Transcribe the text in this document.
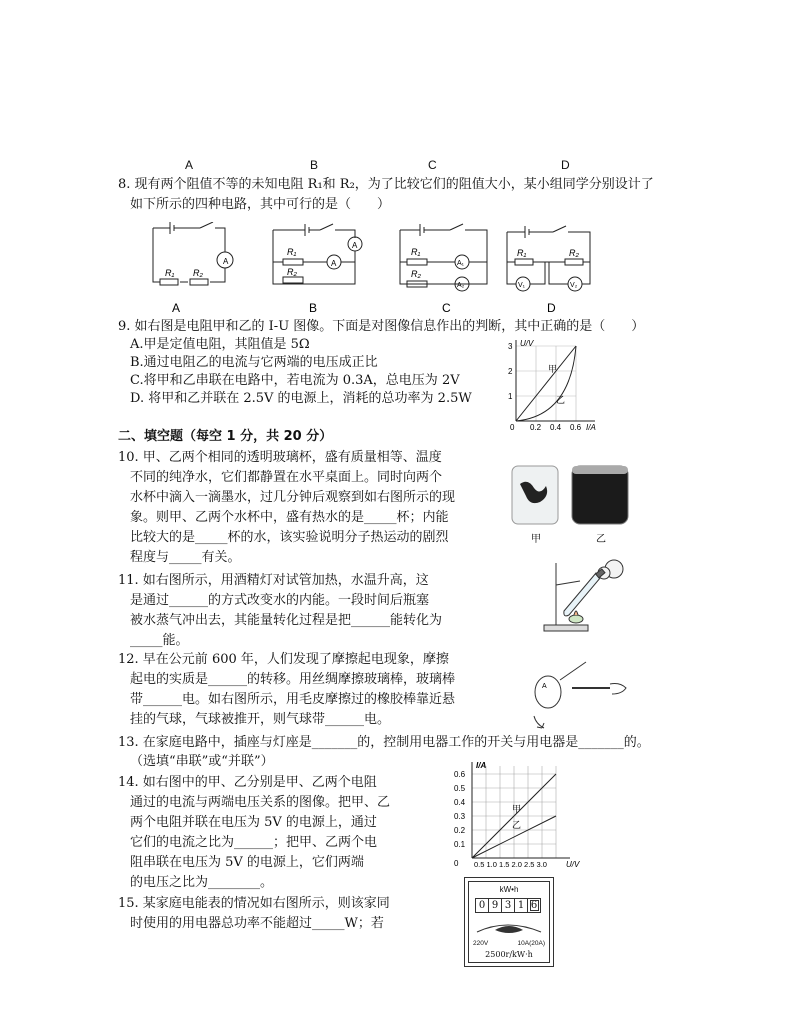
A	B	C	D
8. 现有两个阻值不等的未知电阻 R₁和 R₂，为了比较它们的阻值大小，某小组同学分别设计了
如下所示的四种电路，其中可行的是（　　）
A
R₁ R₂
A
A
R₁
R₂
R₁
R₂
A₁
A₂
R₁	R₂
V₁	V₂
A	B	C	D
9. 如右图是电阻甲和乙的 I-U 图像。下面是对图像信息作出的判断，其中正确的是（　　）
A.甲是定值电阻，其阻值是 5Ω
B.通过电阻乙的电流与它两端的电压成正比
C.将甲和乙串联在电路中，若电流为 0.3A，总电压为 2V
D. 将甲和乙并联在 2.5V 的电源上，消耗的总功率为 2.5W
U/V
3
2
1
0 0.2 0.4 0.6 I/A
甲
乙
二、填空题（每空 1 分，共 20 分）
10. 甲、乙两个相同的透明玻璃杯，盛有质量相等、温度
不同的纯净水，它们都静置在水平桌面上。同时向两个
水杯中滴入一滴墨水，过几分钟后观察到如右图所示的现
象。则甲、乙两个水杯中，盛有热水的是_____杯；内能
比较大的是_____杯的水，该实验说明分子热运动的剧烈
程度与_____有关。
甲	乙
11. 如右图所示，用酒精灯对试管加热，水温升高，这
是通过______的方式改变水的内能。一段时间后瓶塞
被水蒸气冲出去，其能量转化过程是把______能转化为
_____能。
12. 早在公元前 600 年，人们发现了摩擦起电现象，摩擦
起电的实质是______的转移。用丝绸摩擦玻璃棒，玻璃棒
带______电。如右图所示，用毛皮摩擦过的橡胶棒靠近悬
挂的气球，气球被推开，则气球带______电。
A
13. 在家庭电路中，插座与灯座是_______的，控制用电器工作的开关与用电器是_______的。
（选填“串联”或“并联”）
14. 如右图中的甲、乙分别是甲、乙两个电阻
通过的电流与两端电压关系的图像。把甲、乙
两个电阻并联在电压为 5V 的电源上，通过
它们的电流之比为______；把甲、乙两个电
阻串联在电压为 5V 的电源上，它们两端
的电压之比为________。
I/A
0.6
0.5
0.4
0.3
0.2
0.1
0 0.5 1.0 1.5 2.0 2.5 3.0 U/V
甲
乙
15. 某家庭电能表的情况如右图所示，则该家同
时使用的用电器总功率不能超过_____W；若
kW•h
0 9 3 1 6
220V	10A(20A)
2500r/kW·h
